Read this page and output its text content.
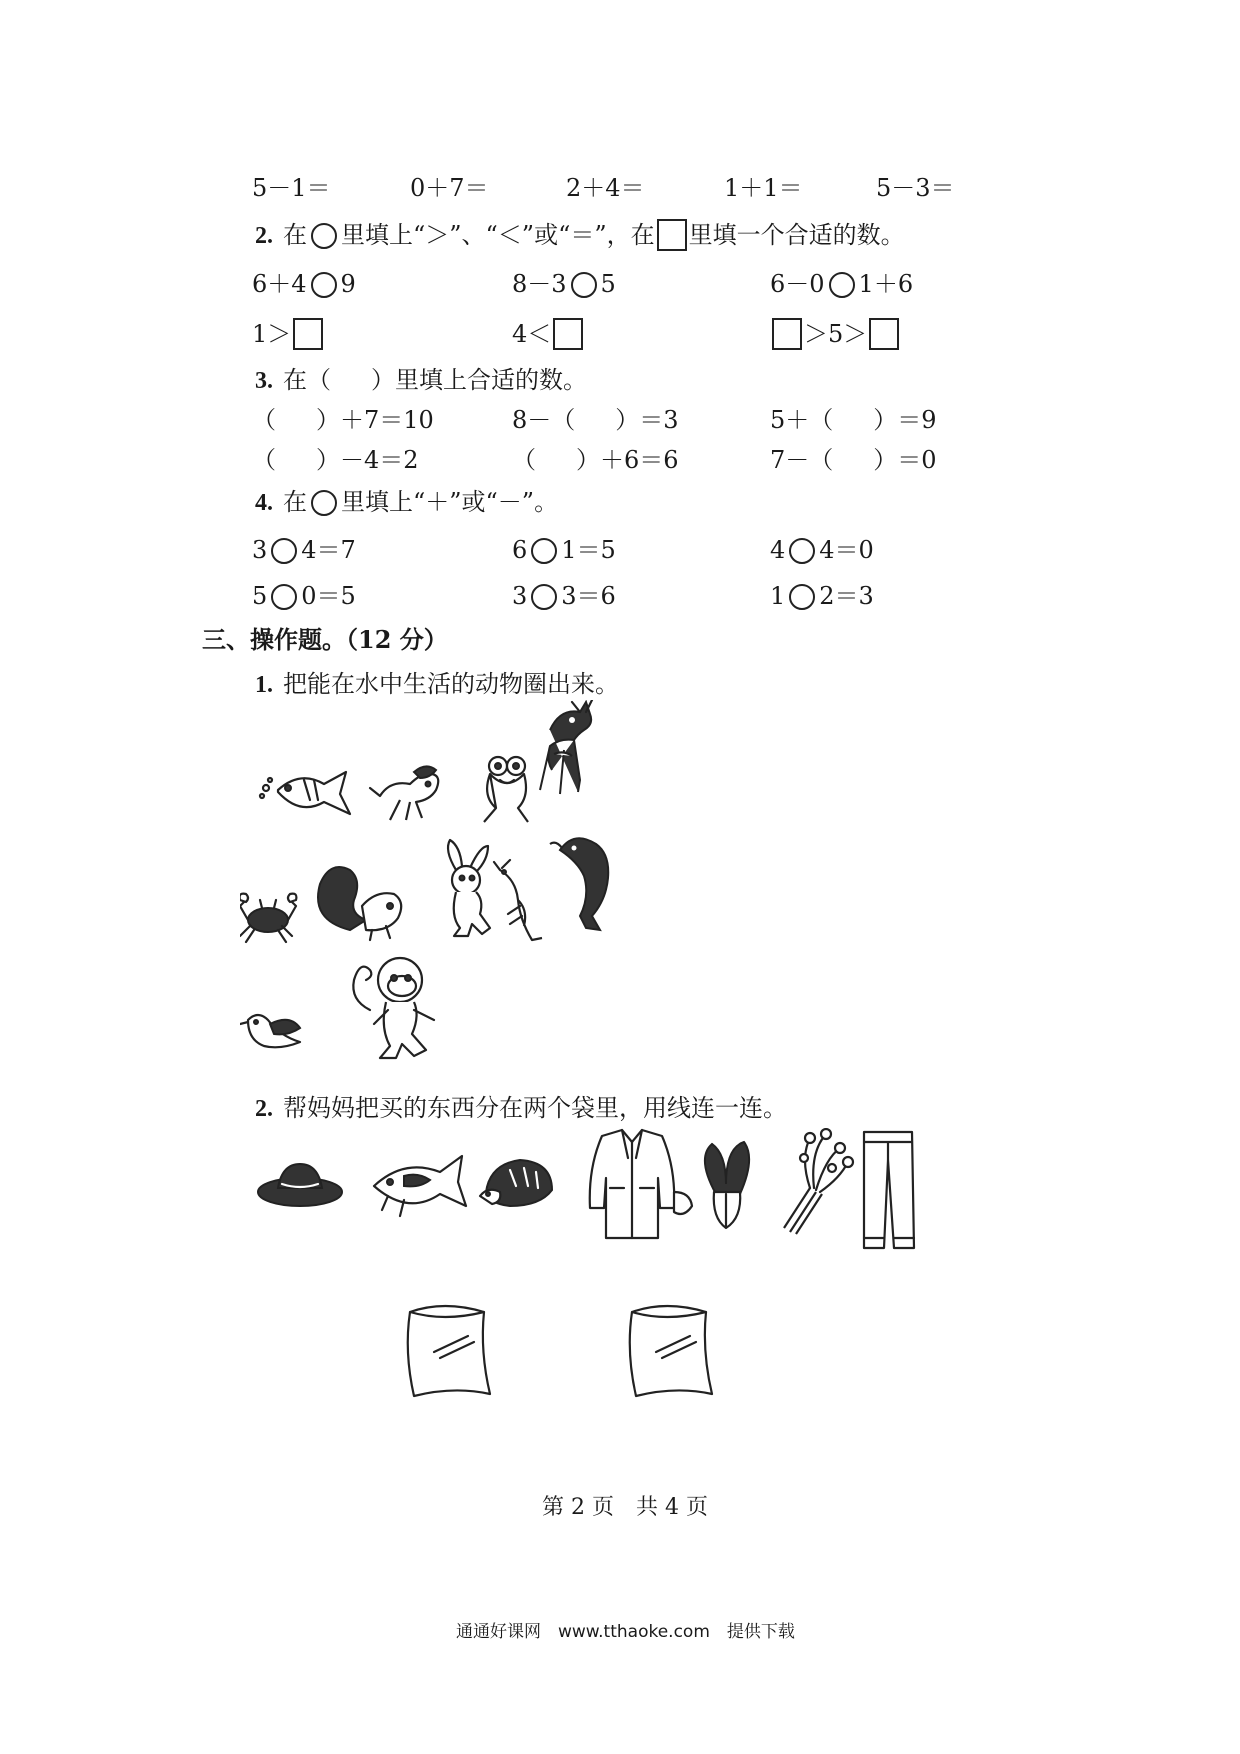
5－1＝	0＋7＝	2＋4＝	1＋1＝	5－3＝
2. 在 里填上“＞”、“＜”或“＝”，在 里填一个合适的数。
6＋4 9	8－3 5	6－0 1＋6
1＞	4＜	＞5＞
3. 在（ ）里填上合适的数。
（ ）＋7＝10	8－（ ）＝3	5＋（ ）＝9
（ ）－4＝2	（ ）＋6＝6	7－（ ）＝0
4. 在 里填上“＋”或“－”。
3 4＝7	6 1＝5	4 4＝0
5 0＝5	3 3＝6	1 2＝3
三、操作题。（12 分）
1. 把能在水中生活的动物圈出来。
2. 帮妈妈把买的东西分在两个袋里，用线连一连。
第 2 页　共 4 页
通通好课网　www.tthaoke.com　提供下载
